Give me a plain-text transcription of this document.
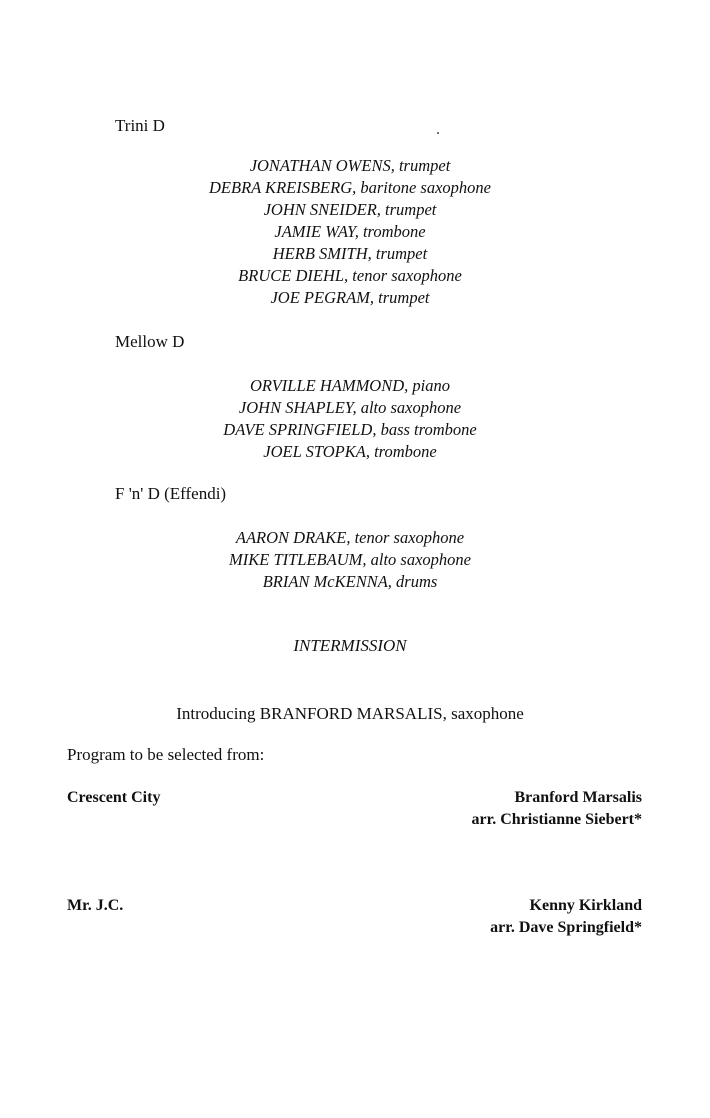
Trini D
JONATHAN OWENS, trumpet
DEBRA KREISBERG, baritone saxophone
JOHN SNEIDER, trumpet
JAMIE WAY, trombone
HERB SMITH, trumpet
BRUCE DIEHL, tenor saxophone
JOE PEGRAM, trumpet
Mellow D
ORVILLE HAMMOND, piano
JOHN SHAPLEY, alto saxophone
DAVE SPRINGFIELD, bass trombone
JOEL STOPKA, trombone
F 'n' D (Effendi)
AARON DRAKE, tenor saxophone
MIKE TITLEBAUM, alto saxophone
BRIAN McKENNA, drums
INTERMISSION
Introducing BRANFORD MARSALIS, saxophone
Program to be selected from:
Crescent City	Branford Marsalis
arr. Christianne Siebert*
Mr. J.C.	Kenny Kirkland
arr. Dave Springfield*
